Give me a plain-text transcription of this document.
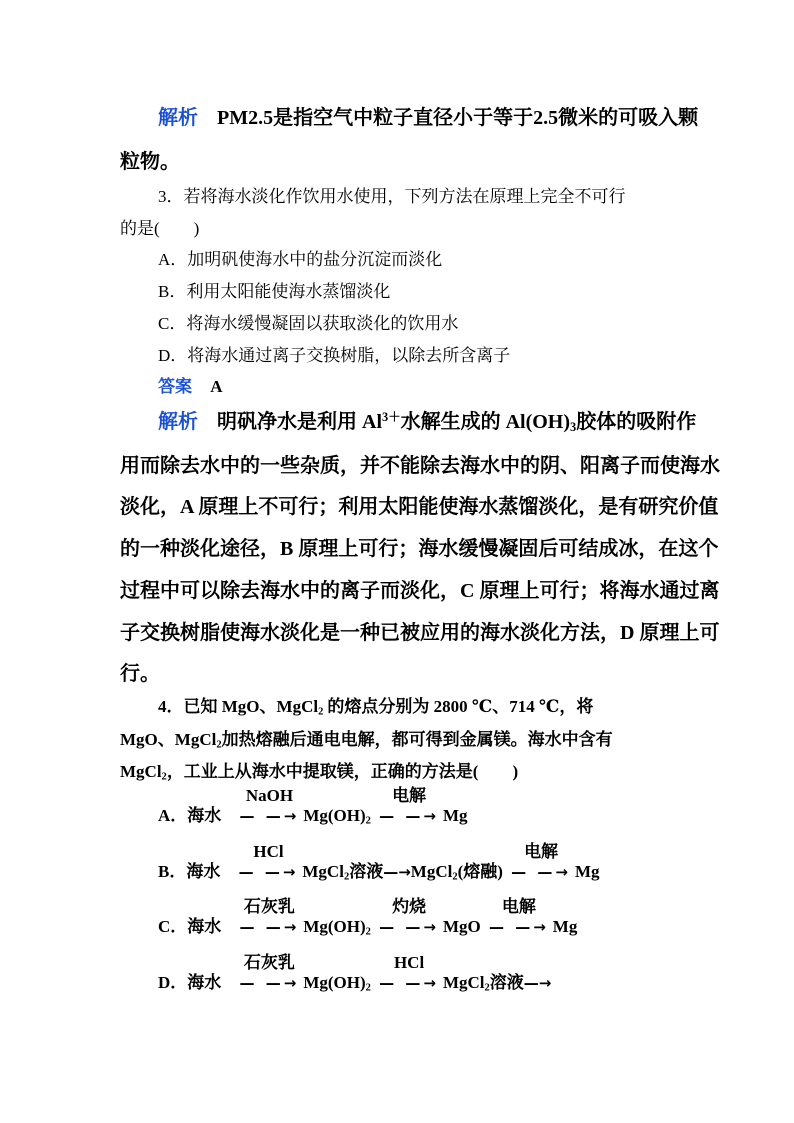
解析 PM2.5是指空气中粒子直径小于等于2.5微米的可吸入颗
粒物。
3．若将海水淡化作饮用水使用，下列方法在原理上完全不可行
的是(　　)
A．加明矾使海水中的盐分沉淀而淡化
B．利用太阳能使海水蒸馏淡化
C．将海水缓慢凝固以获取淡化的饮用水
D．将海水通过离子交换树脂，以除去所含离子
答案 A
解析 明矾净水是利用 $Al^{3+}$水解生成的 $Al(OH)_3$胶体的吸附作
用而除去水中的一些杂质，并不能除去海水中的阴、阳离子而使海水
淡化，A 原理上不可行；利用太阳能使海水蒸馏淡化，是有研究价值
的一种淡化途径，B 原理上可行；海水缓慢凝固后可结成冰，在这个
过程中可以除去海水中的离子而淡化，C 原理上可行；将海水通过离
子交换树脂使海水淡化是一种已被应用的海水淡化方法，D 原理上可
行。
4．已知 MgO、MgCl$_2$ 的熔点分别为 2800 ℃、714 ℃，将
MgO、MgCl$_2$加热熔融后通电电解，都可得到金属镁。海水中含有
MgCl$_2$，工业上从海水中提取镁，正确的方法是(　　)
A．海水
NaOH
— —→ $Mg(OH)_2$
电解
— —→ Mg
B．海水
HCl
— —→ MgCl$_2$溶液—→MgCl$_2$(熔融)
电解
— —→ Mg
C．海水
石灰乳
— —→ $Mg(OH)_2$
灼烧
— —→ MgO
电解
— —→ Mg
D．海水
石灰乳
— —→ $Mg(OH)_2$
HCl
— —→ MgCl$_2$溶液—→
